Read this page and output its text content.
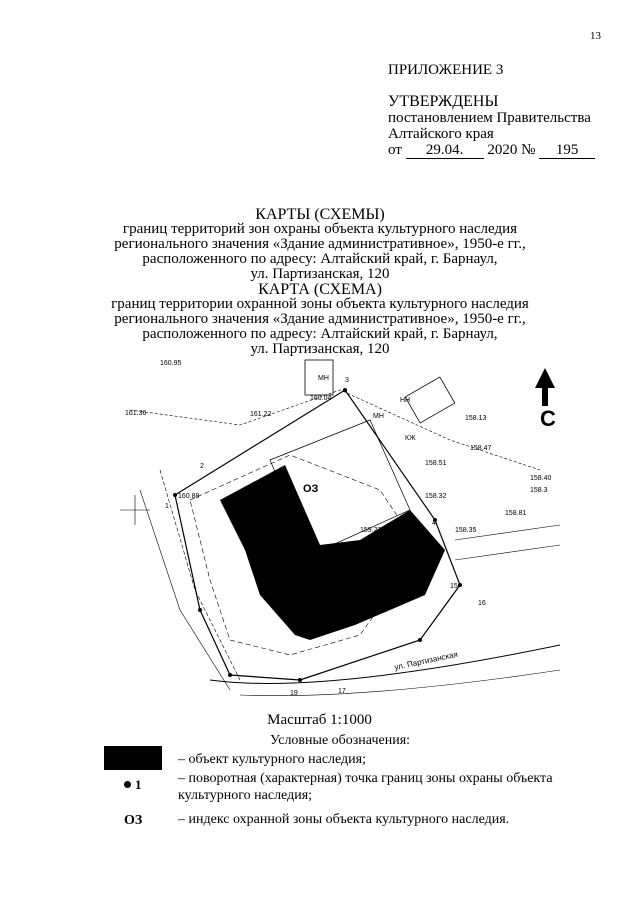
13
ПРИЛОЖЕНИЕ 3
УТВЕРЖДЕНЫ
постановлением Правительства
Алтайского края
от 29.04. 2020 № 195
КАРТЫ (СХЕМЫ)
границ территорий зон охраны объекта культурного наследия
регионального значения «Здание административное», 1950-е гг.,
расположенного по адресу: Алтайский край, г. Барнаул,
ул. Партизанская, 120
КАРТА (СХЕМА)
границ территории охранной зоны объекта культурного наследия
регионального значения «Здание административное», 1950-е гг.,
расположенного по адресу: Алтайский край, г. Барнаул,
ул. Партизанская, 120
160.95
161.36	161.22
160.04
158.13
158.47
158.51
158.32
158.35
158.31
158.81
158.40
158.3
160.88
159.23
МН
МН
НН
КЖ
1
2
3
4
15
16
17
19
ОЗ
ул. Партизанская
С
Масштаб 1:1000
Условные обозначения:
– объект культурного наследия;
1	– поворотная (характерная) точка границ зоны охраны объекта культурного наследия;
ОЗ	– индекс охранной зоны объекта культурного наследия.
